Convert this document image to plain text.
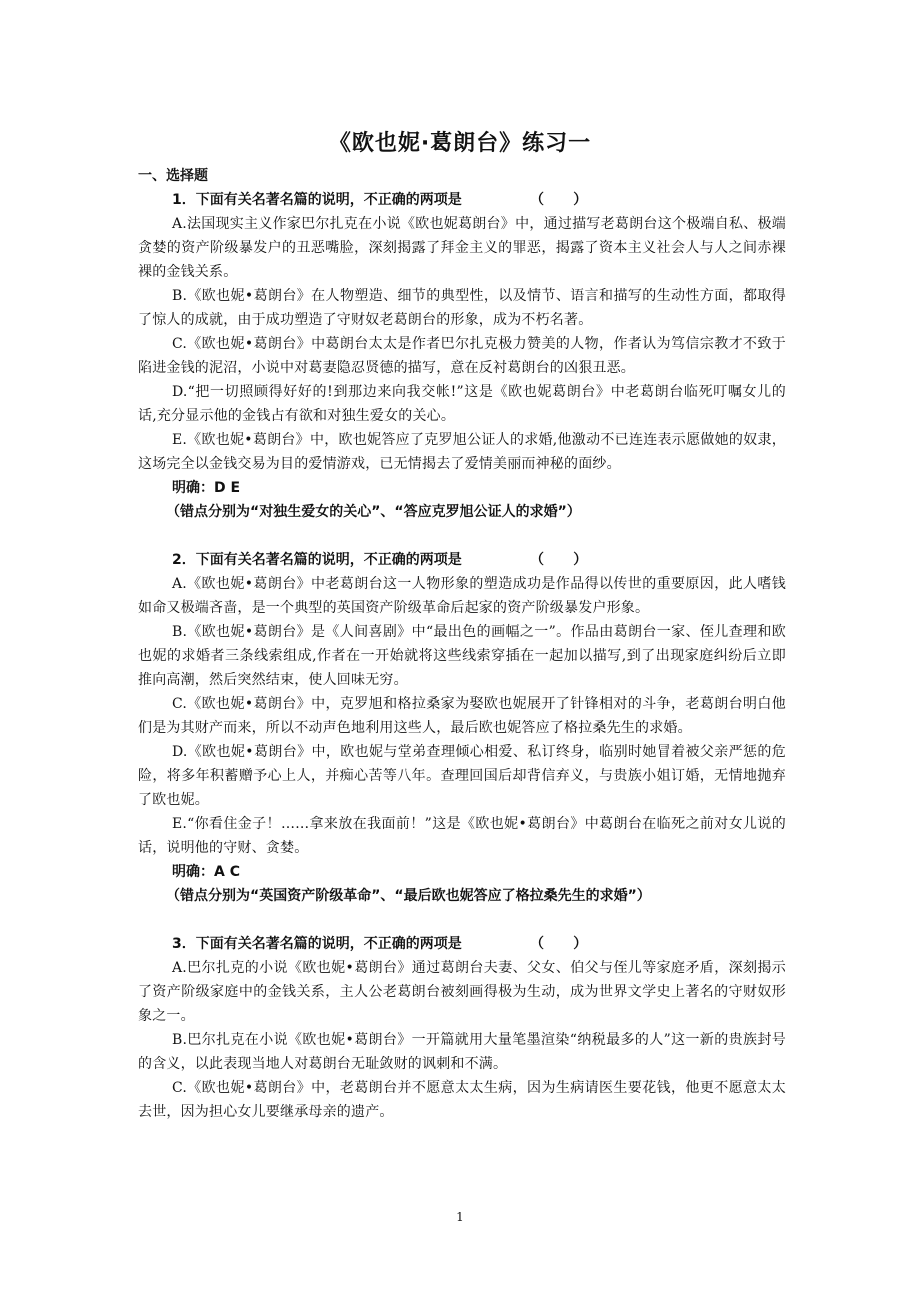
《欧也妮·葛朗台》练习一
一、选择题
1．下面有关名著名篇的说明，不正确的两项是              （      ）
A.法国现实主义作家巴尔扎克在小说《欧也妮葛朗台》中，通过描写老葛朗台这个极端自私、极端贪婪的资产阶级暴发户的丑恶嘴脸，深刻揭露了拜金主义的罪恶，揭露了资本主义社会人与人之间赤裸裸的金钱关系。
B.《欧也妮•葛朗台》在人物塑造、细节的典型性，以及情节、语言和描写的生动性方面，都取得了惊人的成就，由于成功塑造了守财奴老葛朗台的形象，成为不朽名著。
C.《欧也妮•葛朗台》中葛朗台太太是作者巴尔扎克极力赞美的人物，作者认为笃信宗教才不致于陷进金钱的泥沼，小说中对葛妻隐忍贤德的描写，意在反衬葛朗台的凶狠丑恶。
D.“把一切照顾得好好的!到那边来向我交帐!”这是《欧也妮葛朗台》中老葛朗台临死叮嘱女儿的话,充分显示他的金钱占有欲和对独生爱女的关心。
E.《欧也妮•葛朗台》中，欧也妮答应了克罗旭公证人的求婚,他激动不已连连表示愿做她的奴隶，这场完全以金钱交易为目的爱情游戏，已无情揭去了爱情美丽而神秘的面纱。
明确：D E
（错点分别为“对独生爱女的关心”、“答应克罗旭公证人的求婚”）
2．下面有关名著名篇的说明，不正确的两项是              （      ）
A.《欧也妮•葛朗台》中老葛朗台这一人物形象的塑造成功是作品得以传世的重要原因，此人嗜钱如命又极端吝啬，是一个典型的英国资产阶级革命后起家的资产阶级暴发户形象。
B.《欧也妮•葛朗台》是《人间喜剧》中“最出色的画幅之一”。作品由葛朗台一家、侄儿查理和欧也妮的求婚者三条线索组成,作者在一开始就将这些线索穿插在一起加以描写,到了出现家庭纠纷后立即推向高潮，然后突然结束，使人回味无穷。
C.《欧也妮•葛朗台》中，克罗旭和格拉桑家为娶欧也妮展开了针锋相对的斗争，老葛朗台明白他们是为其财产而来，所以不动声色地利用这些人，最后欧也妮答应了格拉桑先生的求婚。
D.《欧也妮•葛朗台》中，欧也妮与堂弟查理倾心相爱、私订终身，临别时她冒着被父亲严惩的危险，将多年积蓄赠予心上人，并痴心苦等八年。查理回国后却背信弃义，与贵族小姐订婚，无情地抛弃了欧也妮。
E.“你看住金子！……拿来放在我面前！”这是《欧也妮•葛朗台》中葛朗台在临死之前对女儿说的话，说明他的守财、贪婪。
明确：A C
（错点分别为“英国资产阶级革命”、“最后欧也妮答应了格拉桑先生的求婚”）
3．下面有关名著名篇的说明，不正确的两项是              （      ）
A.巴尔扎克的小说《欧也妮•葛朗台》通过葛朗台夫妻、父女、伯父与侄儿等家庭矛盾，深刻揭示了资产阶级家庭中的金钱关系，主人公老葛朗台被刻画得极为生动，成为世界文学史上著名的守财奴形象之一。
B.巴尔扎克在小说《欧也妮•葛朗台》一开篇就用大量笔墨渲染“纳税最多的人”这一新的贵族封号的含义，以此表现当地人对葛朗台无耻敛财的讽刺和不满。
C.《欧也妮•葛朗台》中，老葛朗台并不愿意太太生病，因为生病请医生要花钱，他更不愿意太太去世，因为担心女儿要继承母亲的遗产。
1
